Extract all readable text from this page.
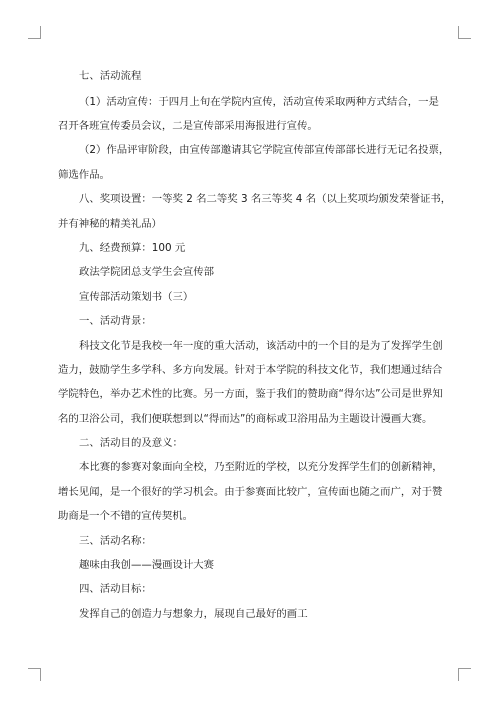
七、活动流程
（1）活动宣传：于四月上旬在学院内宣传，活动宣传采取两种方式结合，一是
召开各班宣传委员会议，二是宣传部采用海报进行宣传。
（2）作品评审阶段，由宣传部邀请其它学院宣传部宣传部部长进行无记名投票，
筛选作品。
八、奖项设置：一等奖 2 名二等奖 3 名三等奖 4 名（以上奖项均颁发荣誉证书，
并有神秘的精美礼品）
九、经费预算：100 元
政法学院团总支学生会宣传部
宣传部活动策划书（三）
一、活动背景：
科技文化节是我校一年一度的重大活动，该活动中的一个目的是为了发挥学生创
造力，鼓励学生多学科、多方向发展。针对于本学院的科技文化节，我们想通过结合
学院特色，举办艺术性的比赛。另一方面，鉴于我们的赞助商“得尔达”公司是世界知
名的卫浴公司，我们便联想到以“得而达”的商标或卫浴用品为主题设计漫画大赛。
二、活动目的及意义：
本比赛的参赛对象面向全校，乃至附近的学校，以充分发挥学生们的创新精神，
增长见闻，是一个很好的学习机会。由于参赛面比较广，宣传面也随之而广，对于赞
助商是一个不错的宣传契机。
三、活动名称：
趣味由我创——漫画设计大赛
四、活动目标：
发挥自己的创造力与想象力，展现自己最好的画工
